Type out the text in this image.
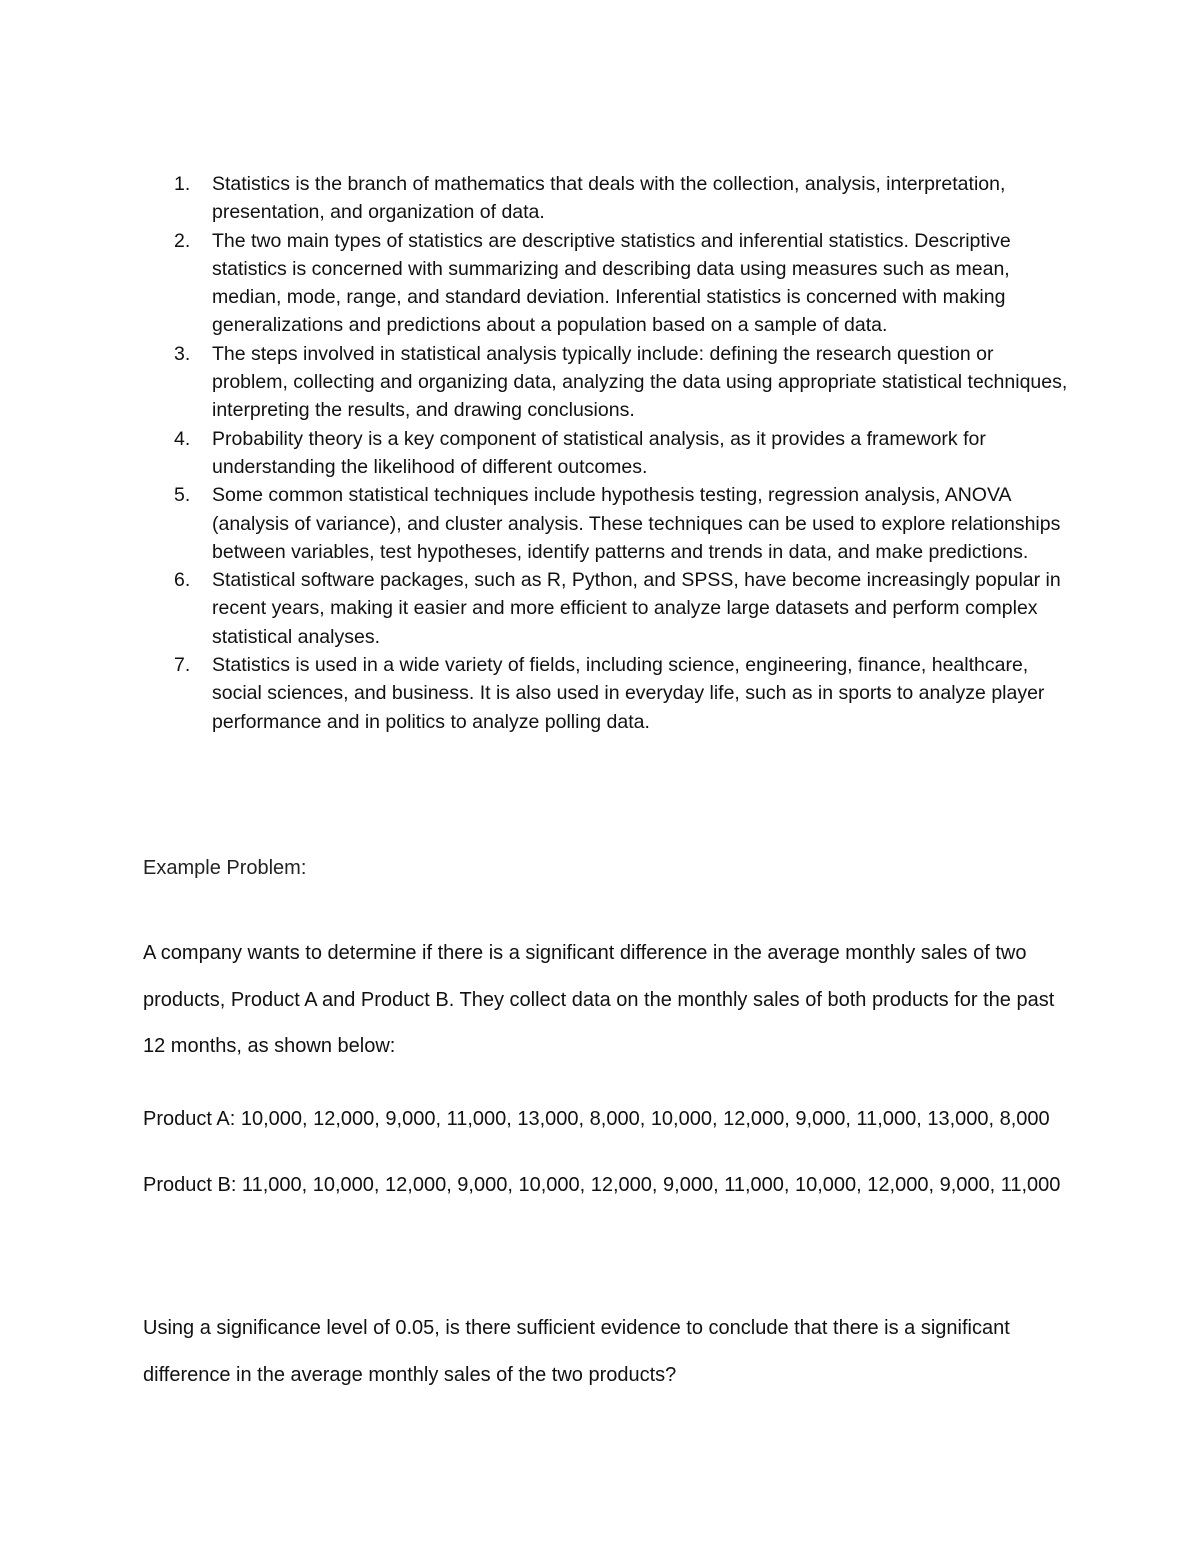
1. Statistics is the branch of mathematics that deals with the collection, analysis, interpretation, presentation, and organization of data.
2. The two main types of statistics are descriptive statistics and inferential statistics. Descriptive statistics is concerned with summarizing and describing data using measures such as mean, median, mode, range, and standard deviation. Inferential statistics is concerned with making generalizations and predictions about a population based on a sample of data.
3. The steps involved in statistical analysis typically include: defining the research question or problem, collecting and organizing data, analyzing the data using appropriate statistical techniques, interpreting the results, and drawing conclusions.
4. Probability theory is a key component of statistical analysis, as it provides a framework for understanding the likelihood of different outcomes.
5. Some common statistical techniques include hypothesis testing, regression analysis, ANOVA (analysis of variance), and cluster analysis. These techniques can be used to explore relationships between variables, test hypotheses, identify patterns and trends in data, and make predictions.
6. Statistical software packages, such as R, Python, and SPSS, have become increasingly popular in recent years, making it easier and more efficient to analyze large datasets and perform complex statistical analyses.
7. Statistics is used in a wide variety of fields, including science, engineering, finance, healthcare, social sciences, and business. It is also used in everyday life, such as in sports to analyze player performance and in politics to analyze polling data.
Example Problem:

A company wants to determine if there is a significant difference in the average monthly sales of two products, Product A and Product B. They collect data on the monthly sales of both products for the past 12 months, as shown below:

Product A: 10,000, 12,000, 9,000, 11,000, 13,000, 8,000, 10,000, 12,000, 9,000, 11,000, 13,000, 8,000

Product B: 11,000, 10,000, 12,000, 9,000, 10,000, 12,000, 9,000, 11,000, 10,000, 12,000, 9,000, 11,000

Using a significance level of 0.05, is there sufficient evidence to conclude that there is a significant difference in the average monthly sales of the two products?
